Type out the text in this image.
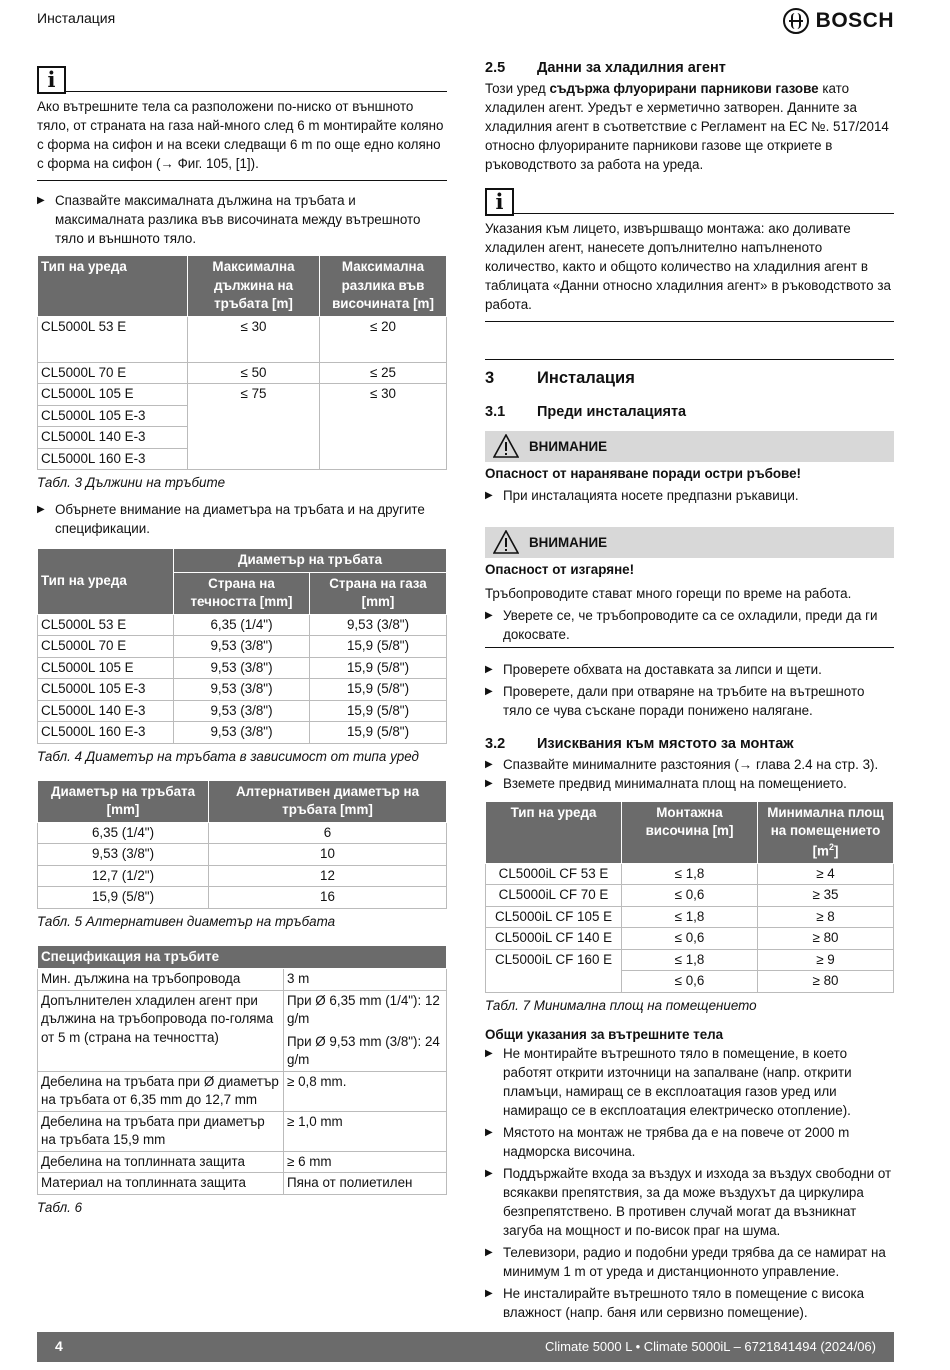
Инсталация	BOSCH
i
Ако вътрешните тела са разположени по-ниско от външното тяло, от страната на газа най-много след 6 m монтирайте коляно с форма на сифон и на всеки следващи 6 m по още едно коляно с форма на сифон (→ Фиг. 105, [1]).
▶ Спазвайте максималната дължина на тръбата и максималната разлика във височината между вътрешното тяло и външното тяло.
Тип на уреда	Максимална дължина на тръбата [m]	Максимална разлика във височината [m]
CL5000L 53 E	≤ 30	≤ 20
CL5000L 70 E	≤ 50	≤ 25
CL5000L 105 E	≤ 75	≤ 30
CL5000L 105 E-3		
CL5000L 140 E-3		
CL5000L 160 E-3		
Табл. 3 Дължини на тръбите
▶ Обърнете внимание на диаметъра на тръбата и на другите спецификации.
Тип на уреда	Диаметър на тръбата	
	Страна на течността [mm]	Страна на газа [mm]
CL5000L 53 E	6,35 (1/4")	9,53 (3/8")
CL5000L 70 E	9,53 (3/8")	15,9 (5/8")
CL5000L 105 E	9,53 (3/8")	15,9 (5/8")
CL5000L 105 E-3	9,53 (3/8")	15,9 (5/8")
CL5000L 140 E-3	9,53 (3/8")	15,9 (5/8")
CL5000L 160 E-3	9,53 (3/8")	15,9 (5/8")
Табл. 4 Диаметър на тръбата в зависимост от типа уред
Диаметър на тръбата [mm]	Алтернативен диаметър на тръбата [mm]
6,35 (1/4")	6
9,53 (3/8")	10
12,7 (1/2")	12
15,9 (5/8")	16
Табл. 5 Алтернативен диаметър на тръбата
Спецификация на тръбите	
Мин. дължина на тръбопровода	3 m
Допълнителен хладилен агент при дължина на тръбопровода по-голяма от 5 m (страна на течността)	При Ø 6,35 mm (1/4"): 12 g/m
При Ø 9,53 mm (3/8"): 24 g/m

Дебелина на тръбата при Ø диаметър на тръбата от 6,35 mm до 12,7 mm	≥ 0,8 mm.
Дебелина на тръбата при диаметър на тръбата 15,9 mm	≥ 1,0 mm
Дебелина на топлинната защита	≥ 6 mm
Материал на топлинната защита	Пяна от полиетилен
Табл. 6
2.5	Данни за хладилния агент
Този уред съдържа флуорирани парникови газове като хладилен агент. Уредът е херметично затворен. Данните за хладилния агент в съответствие с Регламент на ЕС №. 517/2014 относно флуорираните парникови газове ще откриете в ръководството за работа на уреда.
i
Указания към лицето, извършващо монтажа: ако доливате хладилен агент, нанесете допълнително напълненото количество, както и общото количество на хладилния агент в таблицата «Данни относно хладилния агент» в ръководството за работа.
3	Инсталация
3.1	Преди инсталацията
ВНИМАНИЕ
Опасност от нараняване поради остри ръбове!
▶ При инсталацията носете предпазни ръкавици.
ВНИМАНИЕ
Опасност от изгаряне!
Тръбопроводите стават много горещи по време на работа.
▶ Уверете се, че тръбопроводите са се охладили, преди да ги докосвате.
▶ Проверете обхвата на доставката за липси и щети.
▶ Проверете, дали при отваряне на тръбите на вътрешното тяло се чува съскане поради понижено налягане.
3.2	Изисквания към мястото за монтаж
▶ Спазвайте минималните разстояния (→ глава 2.4 на стр. 3).
▶ Вземете предвид минималната площ на помещението.
Тип на уреда	Монтажна височина [m]	Минимална площ на помещението $[m^2]$
CL5000iL CF 53 E	≤ 1,8	≥ 4
CL5000iL CF 70 E	≤ 0,6	≥ 35
CL5000iL CF 105 E	≤ 1,8	≥ 8
CL5000iL CF 140 E	≤ 0,6	≥ 80
CL5000iL CF 160 E	≤ 1,8	≥ 9
	≤ 0,6	≥ 80
Табл. 7 Минимална площ на помещението
Общи указания за вътрешните тела
▶ Не монтирайте вътрешното тяло в помещение, в което работят открити източници на запалване (напр. открити пламъци, намиращ се в експлоатация газов уред или намиращо се в експлоатация електрическо отопление).
▶ Мястото на монтаж не трябва да е на повече от 2000 m надморска височина.
▶ Поддържайте входа за въздух и изхода за въздух свободни от всякакви препятствия, за да може въздухът да циркулира безпрепятствено. В противен случай могат да възникнат загуба на мощност и по-висок праг на шума.
▶ Телевизори, радио и подобни уреди трябва да се намират на минимум 1 m от уреда и дистанционното управление.
▶ Не инсталирайте вътрешното тяло в помещение с висока влажност (напр. баня или сервизно помещение).
4	Climate 5000 L • Climate 5000iL – 6721841494 (2024/06)
